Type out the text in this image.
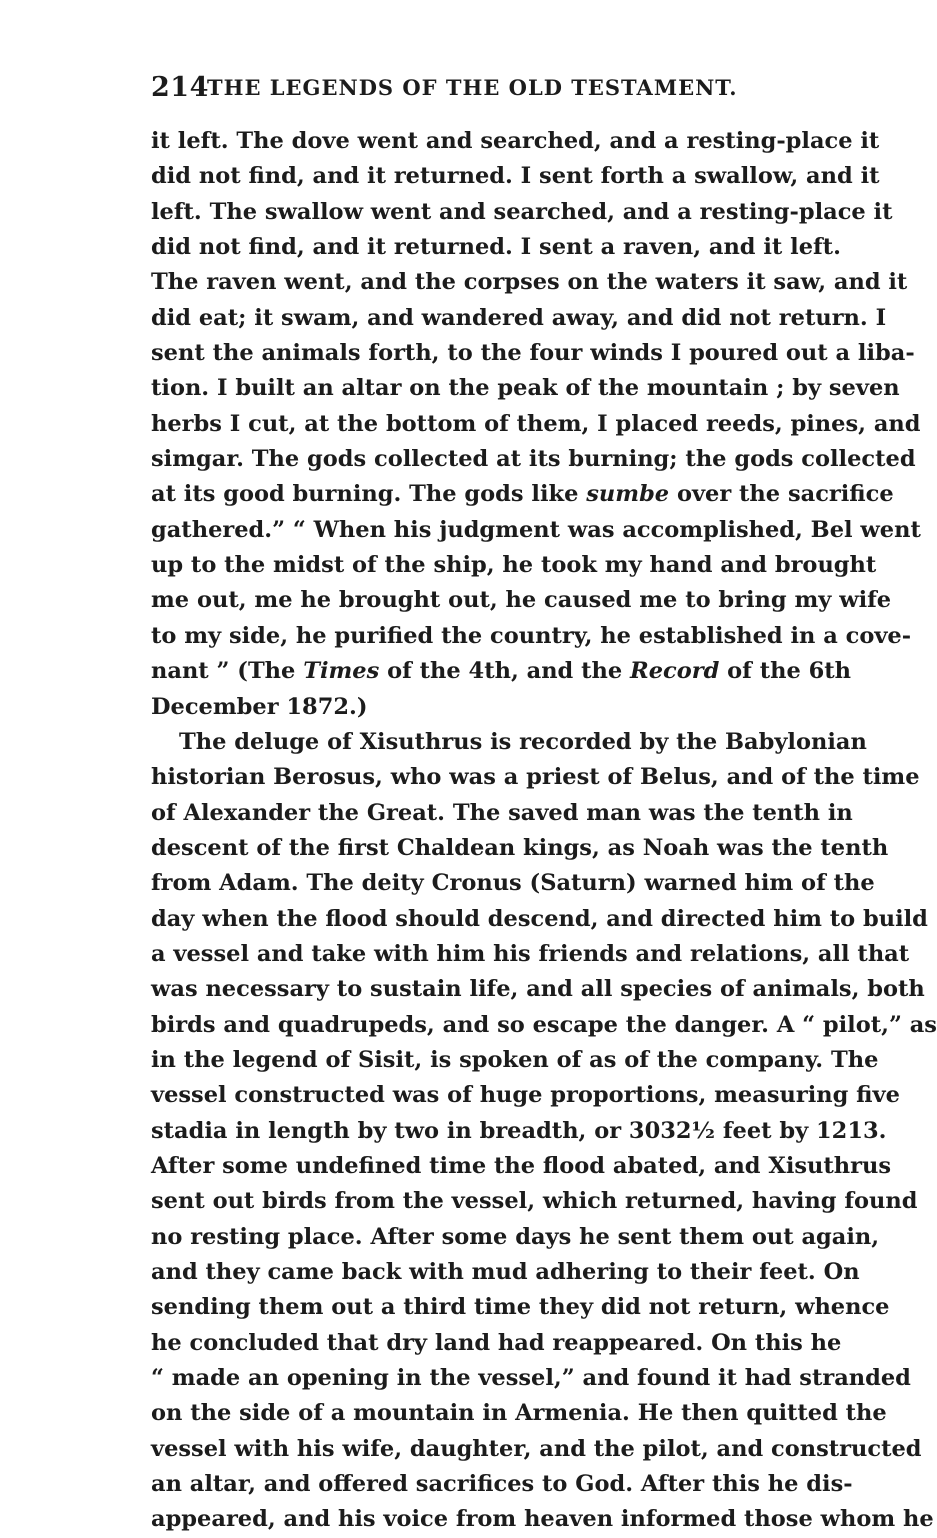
214
THE LEGENDS OF THE OLD TESTAMENT.
it left. The dove went and searched, and a resting-place it
did not find, and it returned. I sent forth a swallow, and it
left. The swallow went and searched, and a resting-place it
did not find, and it returned. I sent a raven, and it left.
The raven went, and the corpses on the waters it saw, and it
did eat; it swam, and wandered away, and did not return. I
sent the animals forth, to the four winds I poured out a liba-
tion. I built an altar on the peak of the mountain ; by seven
herbs I cut, at the bottom of them, I placed reeds, pines, and
simgar. The gods collected at its burning; the gods collected
at its good burning. The gods like sumbe over the sacrifice
gathered.” “ When his judgment was accomplished, Bel went
up to the midst of the ship, he took my hand and brought
me out, me he brought out, he caused me to bring my wife
to my side, he purified the country, he established in a cove-
nant ” (The Times of the 4th, and the Record of the 6th
December 1872.)
The deluge of Xisuthrus is recorded by the Babylonian
historian Berosus, who was a priest of Belus, and of the time
of Alexander the Great. The saved man was the tenth in
descent of the first Chaldean kings, as Noah was the tenth
from Adam. The deity Cronus (Saturn) warned him of the
day when the flood should descend, and directed him to build
a vessel and take with him his friends and relations, all that
was necessary to sustain life, and all species of animals, both
birds and quadrupeds, and so escape the danger. A “ pilot,” as
in the legend of Sisit, is spoken of as of the company. The
vessel constructed was of huge proportions, measuring five
stadia in length by two in breadth, or 3032½ feet by 1213.
After some undefined time the flood abated, and Xisuthrus
sent out birds from the vessel, which returned, having found
no resting place. After some days he sent them out again,
and they came back with mud adhering to their feet. On
sending them out a third time they did not return, whence
he concluded that dry land had reappeared. On this he
“ made an opening in the vessel,” and found it had stranded
on the side of a mountain in Armenia. He then quitted the
vessel with his wife, daughter, and the pilot, and constructed
an altar, and offered sacrifices to God. After this he dis-
appeared, and his voice from heaven informed those whom he
